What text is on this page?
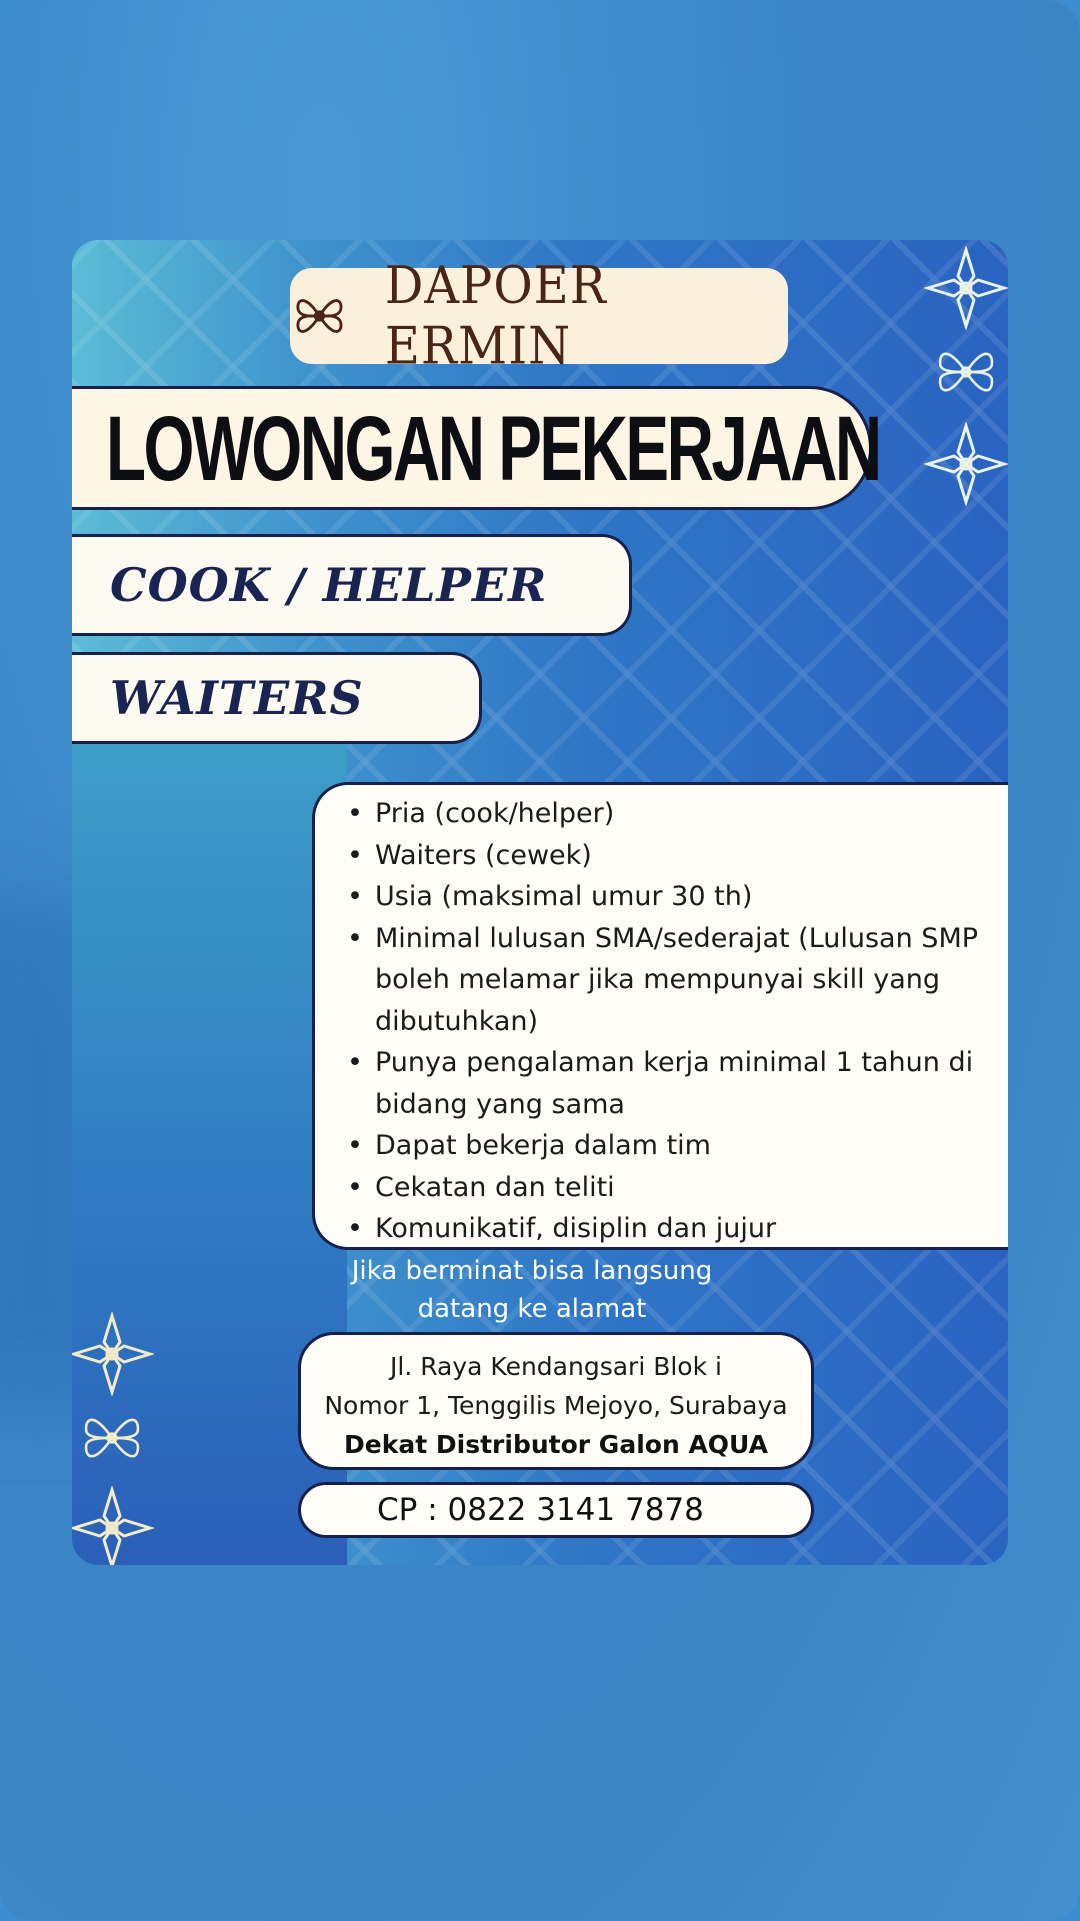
DAPOER ERMIN
LOWONGAN PEKERJAAN
COOK / HELPER
WAITERS
• Pria (cook/helper)
• Waiters (cewek)
• Usia (maksimal umur 30 th)
• Minimal lulusan SMA/sederajat (Lulusan SMP boleh melamar jika mempunyai skill yang dibutuhkan)
• Punya pengalaman kerja minimal 1 tahun di bidang yang sama
• Dapat bekerja dalam tim
• Cekatan dan teliti
• Komunikatif, disiplin dan jujur
Jika berminat bisa langsung
datang ke alamat
Jl. Raya Kendangsari Blok i
Nomor 1, Tenggilis Mejoyo, Surabaya
Dekat Distributor Galon AQUA
CP : 0822 3141 7878
